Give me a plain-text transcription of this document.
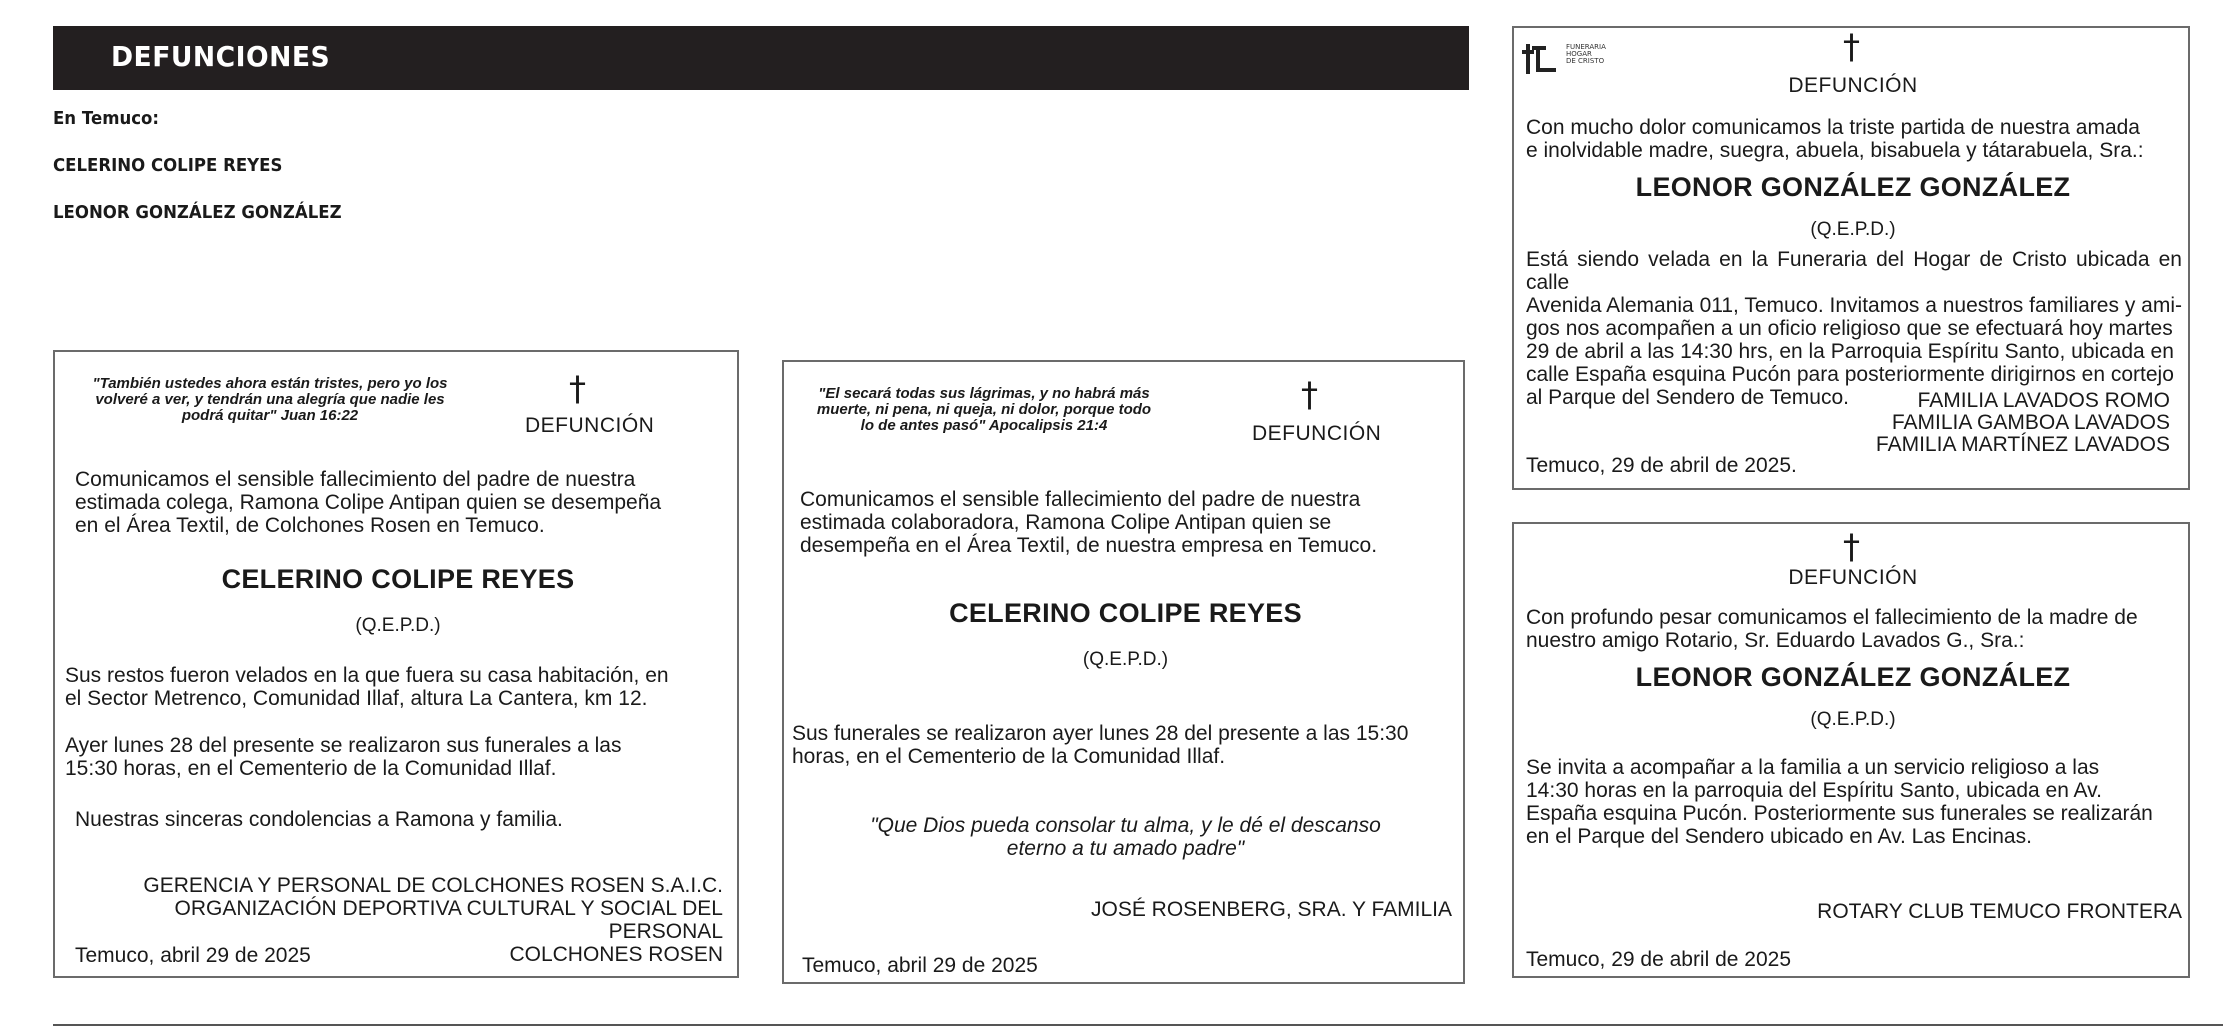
DEFUNCIONES
En Temuco:
CELERINO COLIPE REYES
LEONOR GONZÁLEZ GONZÁLEZ
"También ustedes ahora están tristes, pero yo los
volveré a ver, y tendrán una alegría que nadie les
podrá quitar" Juan 16:22
†
DEFUNCIÓN
Comunicamos el sensible fallecimiento del padre de nuestra
estimada colega, Ramona Colipe Antipan quien se desempeña
en el Área Textil, de Colchones Rosen en Temuco.
CELERINO COLIPE REYES
(Q.E.P.D.)
Sus restos fueron velados en la que fuera su casa habitación, en
el Sector Metrenco, Comunidad Illaf, altura La Cantera, km 12.
Ayer lunes 28 del presente se realizaron sus funerales a las
15:30 horas, en el Cementerio de la Comunidad Illaf.
Nuestras sinceras condolencias a Ramona y familia.
GERENCIA Y PERSONAL DE COLCHONES ROSEN S.A.I.C.
ORGANIZACIÓN DEPORTIVA CULTURAL Y SOCIAL DEL PERSONAL
COLCHONES ROSEN
Temuco, abril 29 de 2025
"El secará todas sus lágrimas, y no habrá más
muerte, ni pena, ni queja, ni dolor, porque todo
lo de antes pasó" Apocalipsis 21:4
†
DEFUNCIÓN
Comunicamos el sensible fallecimiento del padre de nuestra
estimada colaboradora, Ramona Colipe Antipan quien se
desempeña en el Área Textil, de nuestra empresa en Temuco.
CELERINO COLIPE REYES
(Q.E.P.D.)
Sus funerales se realizaron ayer lunes 28 del presente a las 15:30
horas, en el Cementerio de la Comunidad Illaf.
"Que Dios pueda consolar tu alma, y le dé el descanso
eterno a tu amado padre"
JOSÉ ROSENBERG, SRA. Y FAMILIA
Temuco, abril 29 de 2025
FUNERARIA
HOGAR
DE CRISTO	†
DEFUNCIÓN
Con mucho dolor comunicamos la triste partida de nuestra amada
e inolvidable madre, suegra, abuela, bisabuela y tátarabuela, Sra.:
LEONOR GONZÁLEZ GONZÁLEZ
(Q.E.P.D.)
Está siendo velada en la Funeraria del Hogar de Cristo ubicada en calle
Avenida Alemania 011, Temuco. Invitamos a nuestros familiares y ami-
gos nos acompañen a un oficio religioso que se efectuará hoy martes
29 de abril a las 14:30 hrs, en la Parroquia Espíritu Santo, ubicada en
calle España esquina Pucón para posteriormente dirigirnos en cortejo
al Parque del Sendero de Temuco.	FAMILIA LAVADOS ROMO
FAMILIA GAMBOA LAVADOS
FAMILIA MARTÍNEZ LAVADOS
Temuco, 29 de abril de 2025.
†
DEFUNCIÓN
Con profundo pesar comunicamos el fallecimiento de la madre de
nuestro amigo Rotario, Sr. Eduardo Lavados G., Sra.:
LEONOR GONZÁLEZ GONZÁLEZ
(Q.E.P.D.)
Se invita a acompañar a la familia a un servicio religioso a las
14:30 horas en la parroquia del Espíritu Santo, ubicada en Av.
España esquina Pucón. Posteriormente sus funerales se realizarán
en el Parque del Sendero ubicado en Av. Las Encinas.
ROTARY CLUB TEMUCO FRONTERA
Temuco, 29 de abril de 2025
